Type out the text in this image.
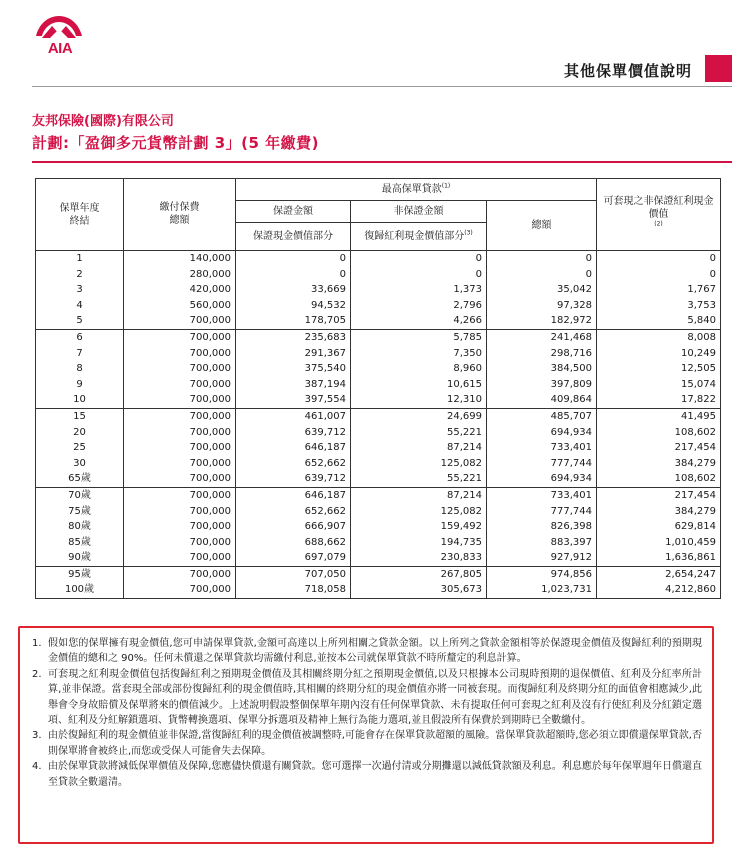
AIA
其他保單價值說明
友邦保險(國際)有限公司
計劃:「盈御多元貨幣計劃 3」(5 年繳費)
保單年度終結	繳付保費總額	最高保單貸款$^{(1)}$			可套現之非保證紅利現金價值$^{(2)}$
		保證金額	非保證金額	總額	
		保證現金價值部分	復歸紅利現金價值部分$^{(3)}$
1	140,000	0	0	0	0
2	280,000	0	0	0	0
3	420,000	33,669	1,373	35,042	1,767
4	560,000	94,532	2,796	97,328	3,753
5	700,000	178,705	4,266	182,972	5,840
6	700,000	235,683	5,785	241,468	8,008
7	700,000	291,367	7,350	298,716	10,249
8	700,000	375,540	8,960	384,500	12,505
9	700,000	387,194	10,615	397,809	15,074
10	700,000	397,554	12,310	409,864	17,822
15	700,000	461,007	24,699	485,707	41,495
20	700,000	639,712	55,221	694,934	108,602
25	700,000	646,187	87,214	733,401	217,454
30	700,000	652,662	125,082	777,744	384,279
65歲	700,000	639,712	55,221	694,934	108,602
70歲	700,000	646,187	87,214	733,401	217,454
75歲	700,000	652,662	125,082	777,744	384,279
80歲	700,000	666,907	159,492	826,398	629,814
85歲	700,000	688,662	194,735	883,397	1,010,459
90歲	700,000	697,079	230,833	927,912	1,636,861
95歲	700,000	707,050	267,805	974,856	2,654,247
100歲	700,000	718,058	305,673	1,023,731	4,212,860
1. 假如您的保單擁有現金價值,您可申請保單貸款,金額可高達以上所列相關之貸款金額。以上所列之貸款金額相等於保證現金價值及復歸紅利的預期現金價值的總和之 90%。任何未償還之保單貸款均需繳付利息,並按本公司就保單貸款不時所釐定的利息計算。
2. 可套現之紅利現金價值包括復歸紅利之預期現金價值及其相關終期分紅之預期現金價值,以及只根據本公司現時預期的退保價值、紅利及分紅率所計算,並非保證。當套現全部或部份復歸紅利的現金價值時,其相關的終期分紅的現金價值亦將一同被套現。而復歸紅利及終期分紅的面值會相應減少,此舉會令身故賠償及保單將來的價值減少。上述說明假設整個保單年期內沒有任何保單貸款、未有提取任何可套現之紅利及沒有行使紅利及分紅鎖定選項、紅利及分紅解鎖選項、貨幣轉換選項、保單分拆選項及精神上無行為能力選項,並且假設所有保費於到期時已全數繳付。
3. 由於復歸紅利的現金價值並非保證,當復歸紅利的現金價值被調整時,可能會存在保單貸款超額的風險。當保單貸款超額時,您必須立即償還保單貸款,否則保單將會被終止,而您或受保人可能會失去保障。
4. 由於保單貸款將減低保單價值及保障,您應儘快償還有關貸款。您可選擇一次過付清或分期攤還以減低貸款額及利息。利息應於每年保單週年日償還直至貸款全數還清。
